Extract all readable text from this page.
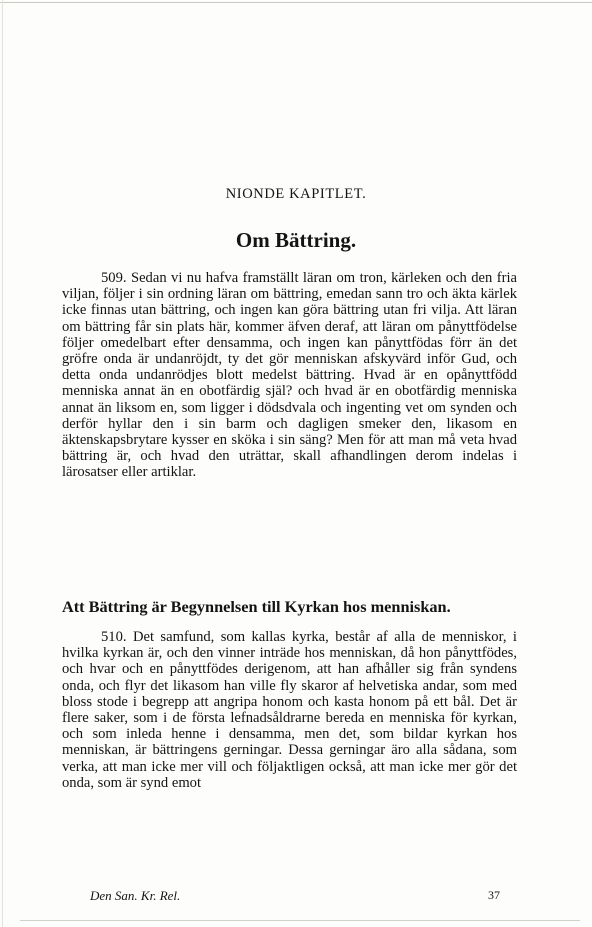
NIONDE KAPITLET.
Om Bättring.
509. Sedan vi nu hafva framställt läran om tron, kärleken och den fria viljan, följer i sin ordning läran om bättring, emedan sann tro och äkta kärlek icke finnas utan bättring, och ingen kan göra bättring utan fri vilja. Att läran om bättring får sin plats här, kommer äfven deraf, att läran om pånyttfödelse följer omedelbart efter densamma, och ingen kan pånyttfödas förr än det gröfre onda är undanröjdt, ty det gör menniskan afskyvärd inför Gud, och detta onda undanrödjes blott medelst bättring. Hvad är en opånyttfödd menniska annat än en obotfärdig själ? och hvad är en obotfärdig menniska annat än liksom en, som ligger i dödsdvala och ingenting vet om synden och derför hyllar den i sin barm och dagligen smeker den, likasom en äktenskapsbrytare kysser en sköka i sin säng? Men för att man må veta hvad bättring är, och hvad den uträttar, skall afhandlingen derom indelas i lärosatser eller artiklar.
Att Bättring är Begynnelsen till Kyrkan hos menniskan.
510. Det samfund, som kallas kyrka, består af alla de menniskor, i hvilka kyrkan är, och den vinner inträde hos menniskan, då hon pånyttfödes, och hvar och en pånyttfödes derigenom, att han afhåller sig från syndens onda, och flyr det likasom han ville fly skaror af helvetiska andar, som med bloss stode i begrepp att angripa honom och kasta honom på ett bål. Det är flere saker, som i de första lefnadsåldrarne bereda en menniska för kyrkan, och som inleda henne i densamma, men det, som bildar kyrkan hos menniskan, är bättringens gerningar. Dessa gerningar äro alla sådana, som verka, att man icke mer vill och följaktligen också, att man icke mer gör det onda, som är synd emot
Den San. Kr. Rel.	37
